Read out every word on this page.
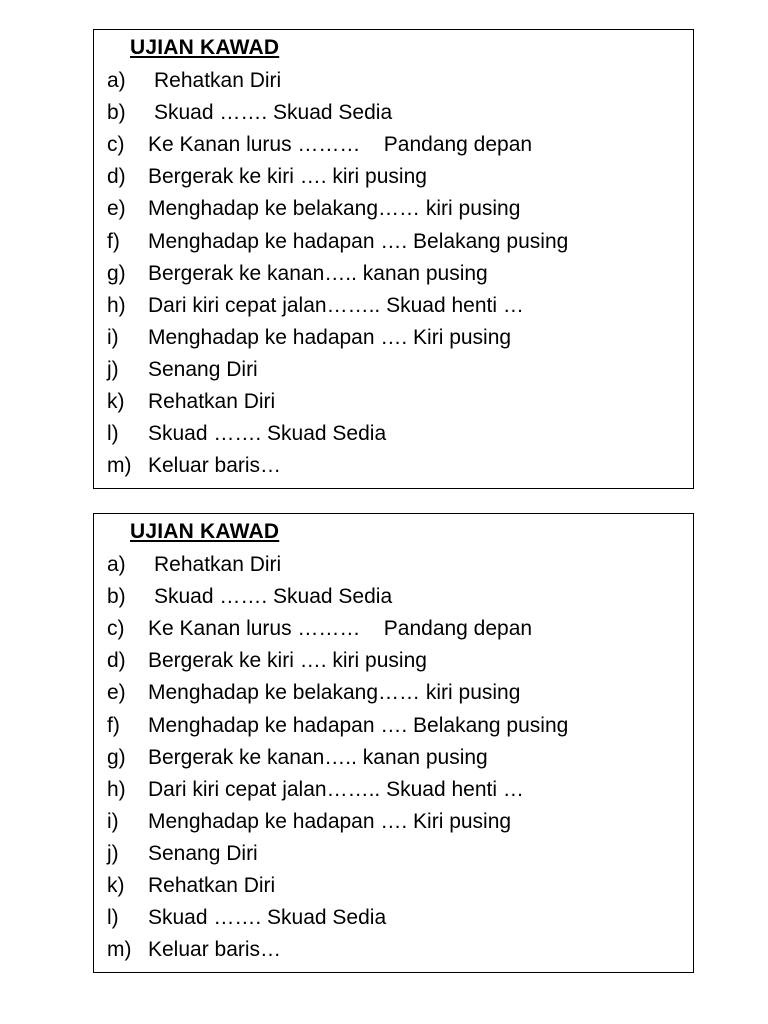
UJIAN KAWAD
a) Rehatkan Diri
b) Skuad ……. Skuad Sedia
c) Ke Kanan lurus ………    Pandang depan
d) Bergerak ke kiri …. kiri pusing
e) Menghadap ke belakang…… kiri pusing
f) Menghadap ke hadapan …. Belakang pusing
g) Bergerak ke kanan….. kanan pusing
h) Dari kiri cepat jalan…….. Skuad henti …
i) Menghadap ke hadapan …. Kiri pusing
j) Senang Diri
k) Rehatkan Diri
l) Skuad ……. Skuad Sedia
m) Keluar baris…
UJIAN KAWAD
a) Rehatkan Diri
b) Skuad ……. Skuad Sedia
c) Ke Kanan lurus ………    Pandang depan
d) Bergerak ke kiri …. kiri pusing
e) Menghadap ke belakang…… kiri pusing
f) Menghadap ke hadapan …. Belakang pusing
g) Bergerak ke kanan….. kanan pusing
h) Dari kiri cepat jalan…….. Skuad henti …
i) Menghadap ke hadapan …. Kiri pusing
j) Senang Diri
k) Rehatkan Diri
l) Skuad ……. Skuad Sedia
m) Keluar baris…
